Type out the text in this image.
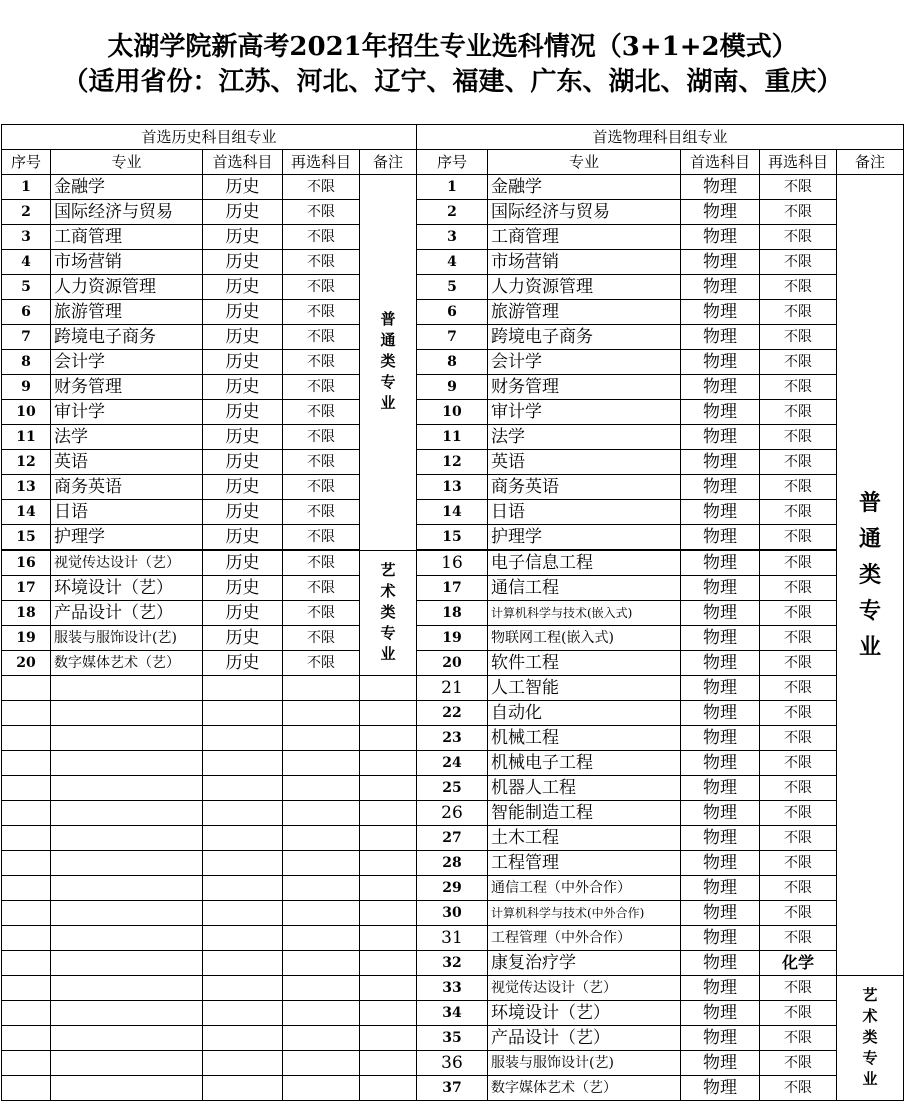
太湖学院新高考2021年招生专业选科情况（3+1+2模式）
（适用省份：江苏、河北、辽宁、福建、广东、湖北、湖南、重庆）
首选历史科目组专业					首选物理科目组专业				
序号	专业	首选科目	再选科目	备注	序号	专业	首选科目	再选科目	备注
1	金融学	历史	不限	普通类专业	1	金融学	物理	不限	普通类专业
2	国际经济与贸易	历史	不限		2	国际经济与贸易	物理	不限	
3	工商管理	历史	不限		3	工商管理	物理	不限	
4	市场营销	历史	不限		4	市场营销	物理	不限	
5	人力资源管理	历史	不限		5	人力资源管理	物理	不限	
6	旅游管理	历史	不限		6	旅游管理	物理	不限	
7	跨境电子商务	历史	不限		7	跨境电子商务	物理	不限	
8	会计学	历史	不限		8	会计学	物理	不限	
9	财务管理	历史	不限		9	财务管理	物理	不限	
10	审计学	历史	不限		10	审计学	物理	不限	
11	法学	历史	不限		11	法学	物理	不限	
12	英语	历史	不限		12	英语	物理	不限	
13	商务英语	历史	不限		13	商务英语	物理	不限	
14	日语	历史	不限		14	日语	物理	不限	
15	护理学	历史	不限		15	护理学	物理	不限	
16	视觉传达设计（艺）	历史	不限	艺术类专业	16	电子信息工程	物理	不限	
17	环境设计（艺）	历史	不限		17	通信工程	物理	不限	
18	产品设计（艺）	历史	不限		18	计算机科学与技术(嵌入式)	物理	不限	
19	服装与服饰设计(艺)	历史	不限		19	物联网工程(嵌入式)	物理	不限	
20	数字媒体艺术（艺）	历史	不限		20	软件工程	物理	不限	
					21	人工智能	物理	不限	
					22	自动化	物理	不限	
					23	机械工程	物理	不限	
					24	机械电子工程	物理	不限	
					25	机器人工程	物理	不限	
					26	智能制造工程	物理	不限	
					27	土木工程	物理	不限	
					28	工程管理	物理	不限	
					29	通信工程（中外合作）	物理	不限	
					30	计算机科学与技术(中外合作)	物理	不限	
					31	工程管理（中外合作）	物理	不限	
					32	康复治疗学	物理	化学	
					33	视觉传达设计（艺）	物理	不限	艺术类专业
					34	环境设计（艺）	物理	不限	
					35	产品设计（艺）	物理	不限	
					36	服装与服饰设计(艺)	物理	不限	
					37	数字媒体艺术（艺）	物理	不限	
